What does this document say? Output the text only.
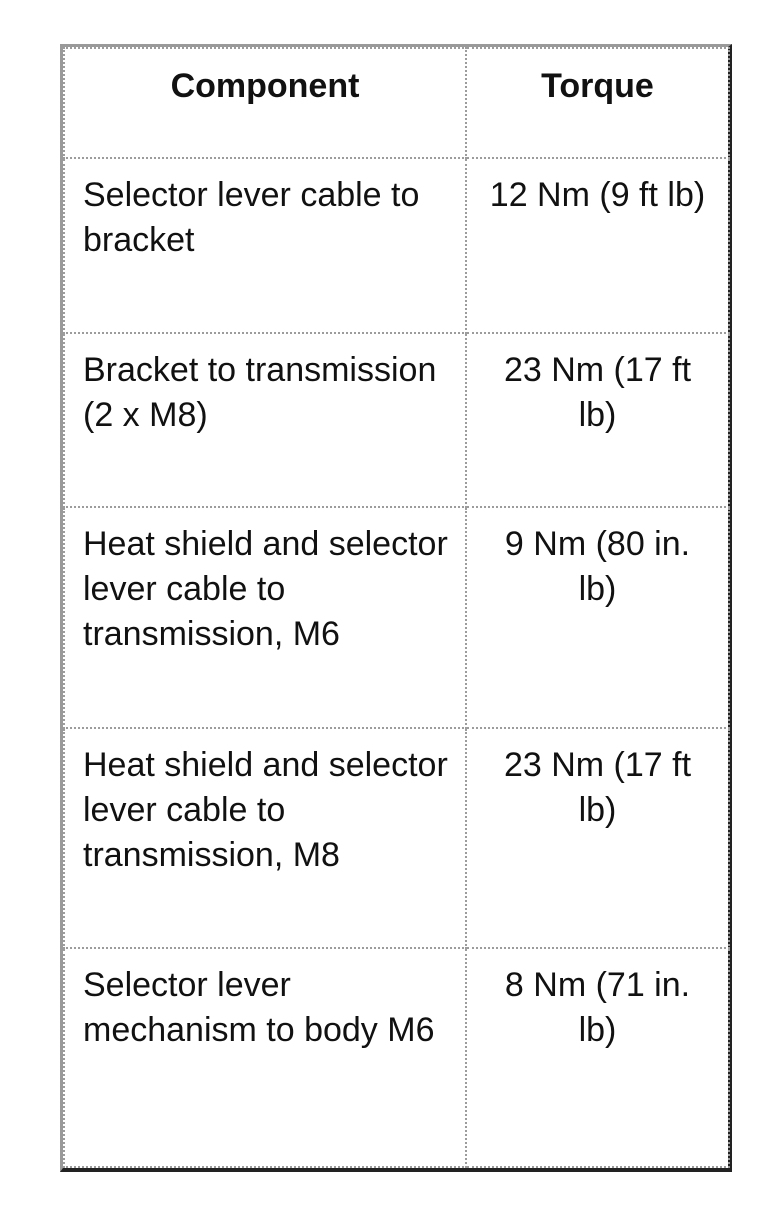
Component	Torque
Selector lever cable to bracket	12 Nm (9 ft lb)
Bracket to transmission (2 x M8)	23 Nm (17 ft lb)
Heat shield and selector lever cable to transmission, M6	9 Nm (80 in. lb)
Heat shield and selector lever cable to transmission, M8	23 Nm (17 ft lb)
Selector lever mechanism to body M6	8 Nm (71 in. lb)
